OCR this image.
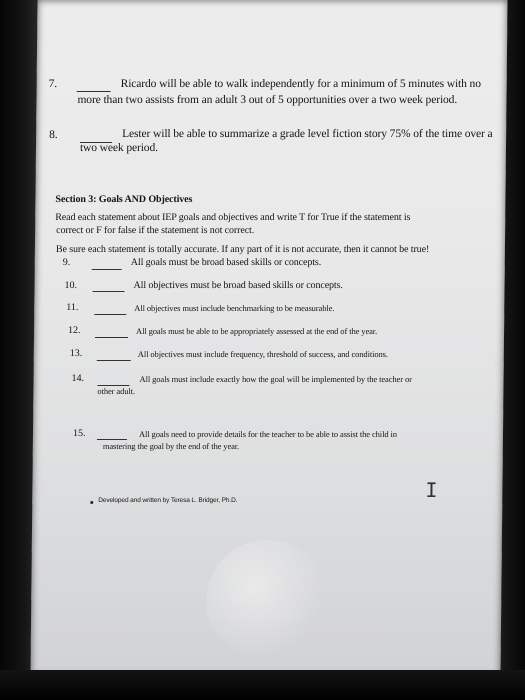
7.	Ricardo will be able to walk independently for a minimum of 5 minutes with no
more than two assists from an adult 3 out of 5 opportunities over a two week period.
8.	Lester will be able to summarize a grade level fiction story 75% of the time over a
two week period.
Section 3: Goals AND Objectives
Read each statement about IEP goals and objectives and write T for True if the statement is
correct or F for false if the statement is not correct.
Be sure each statement is totally accurate. If any part of it is not accurate, then it cannot be true!
9.	All goals must be broad based skills or concepts.
10.	All objectives must be broad based skills or concepts.
11.	All objectives must include benchmarking to be measurable.
12.	All goals must be able to be appropriately assessed at the end of the year.
13.	All objectives must include frequency, threshold of success, and conditions.
14.	All goals must include exactly how the goal will be implemented by the teacher or
other adult.
15.	All goals need to provide details for the teacher to be able to assist the child in
mastering the goal by the end of the year.
Developed and written by Teresa L. Bridger, Ph.D.	I
